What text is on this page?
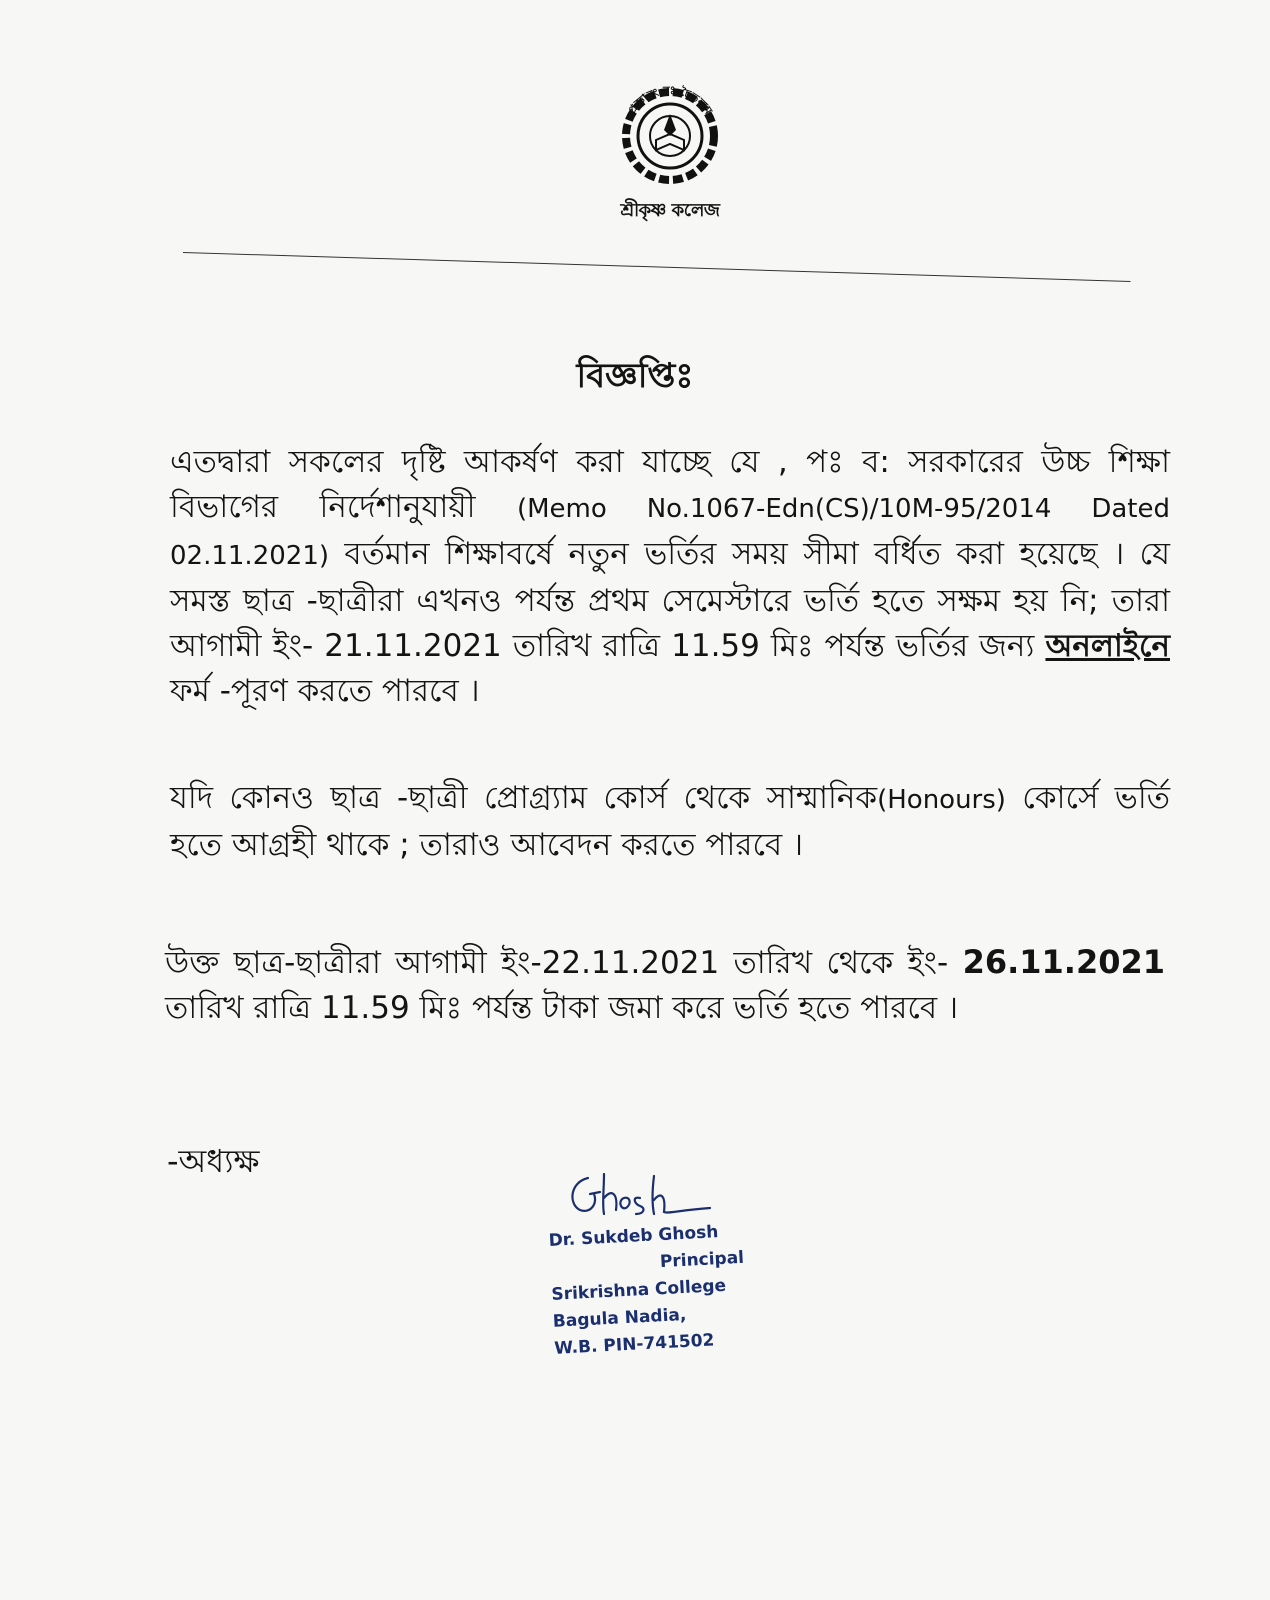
প্রজ্ঞানং নঃ চৈতন্যম
শ্রীকৃষ্ণ কলেজ
বিজ্ঞপ্তিঃ

এতদ্বারা সকলের দৃষ্টি আকর্ষণ করা যাচ্ছে যে , পঃ ব: সরকারের উচ্চ শিক্ষা বিভাগের নির্দেশানুযায়ী (Memo No.1067-Edn(CS)/10M-95/2014 Dated 02.11.2021) বর্তমান শিক্ষাবর্ষে নতুন ভর্তির সময় সীমা বর্ধিত করা হয়েছে । যে সমস্ত ছাত্র -ছাত্রীরা এখনও পর্যন্ত প্রথম সেমেস্টারে ভর্তি হতে সক্ষম হয় নি; তারা আগামী ইং- 21.11.2021 তারিখ রাত্রি 11.59 মিঃ পর্যন্ত ভর্তির জন্য অনলাইনে ফর্ম -পূরণ করতে পারবে ।

যদি কোনও ছাত্র -ছাত্রী প্রোগ্র্যাম কোর্স থেকে সাম্মানিক(Honours) কোর্সে ভর্তি হতে আগ্রহী থাকে ; তারাও আবেদন করতে পারবে ।

উক্ত ছাত্র-ছাত্রীরা আগামী ইং-22.11.2021 তারিখ থেকে ইং- 26.11.2021 তারিখ রাত্রি 11.59 মিঃ পর্যন্ত টাকা জমা করে ভর্তি হতে পারবে ।

-অধ্যক্ষ
Dr. Sukdeb Ghosh
Principal
Srikrishna College
Bagula Nadia,
W.B. PIN-741502
